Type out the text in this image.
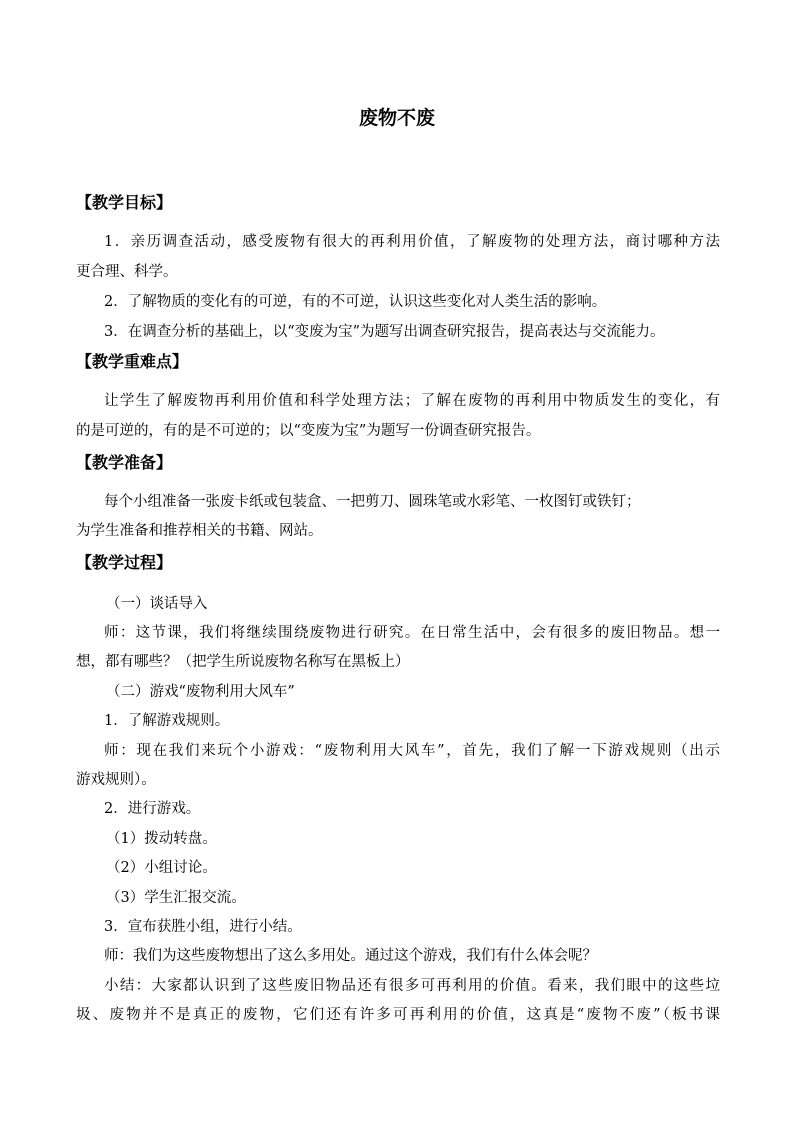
废物不废
【教学目标】
1．亲历调查活动，感受废物有很大的再利用价值，了解废物的处理方法，商讨哪种方法
更合理、科学。
2．了解物质的变化有的可逆，有的不可逆，认识这些变化对人类生活的影响。
3．在调查分析的基础上，以“变废为宝”为题写出调查研究报告，提高表达与交流能力。
【教学重难点】
让学生了解废物再利用价值和科学处理方法；了解在废物的再利用中物质发生的变化，有
的是可逆的，有的是不可逆的；以“变废为宝”为题写一份调查研究报告。
【教学准备】
每个小组准备一张废卡纸或包装盒、一把剪刀、圆珠笔或水彩笔、一枚图钉或铁钉；
为学生准备和推荐相关的书籍、网站。
【教学过程】
（一）谈话导入
师：这节课，我们将继续围绕废物进行研究。在日常生活中，会有很多的废旧物品。想一
想，都有哪些？（把学生所说废物名称写在黑板上）
（二）游戏“废物利用大风车”
1．了解游戏规则。
师：现在我们来玩个小游戏：“废物利用大风车”，首先，我们了解一下游戏规则（出示
游戏规则）。
2．进行游戏。
（1）拨动转盘。
（2）小组讨论。
（3）学生汇报交流。
3．宣布获胜小组，进行小结。
师：我们为这些废物想出了这么多用处。通过这个游戏，我们有什么体会呢？
小结：大家都认识到了这些废旧物品还有很多可再利用的价值。看来，我们眼中的这些垃
圾、废物并不是真正的废物，它们还有许多可再利用的价值，这真是“废物不废”（板书课
